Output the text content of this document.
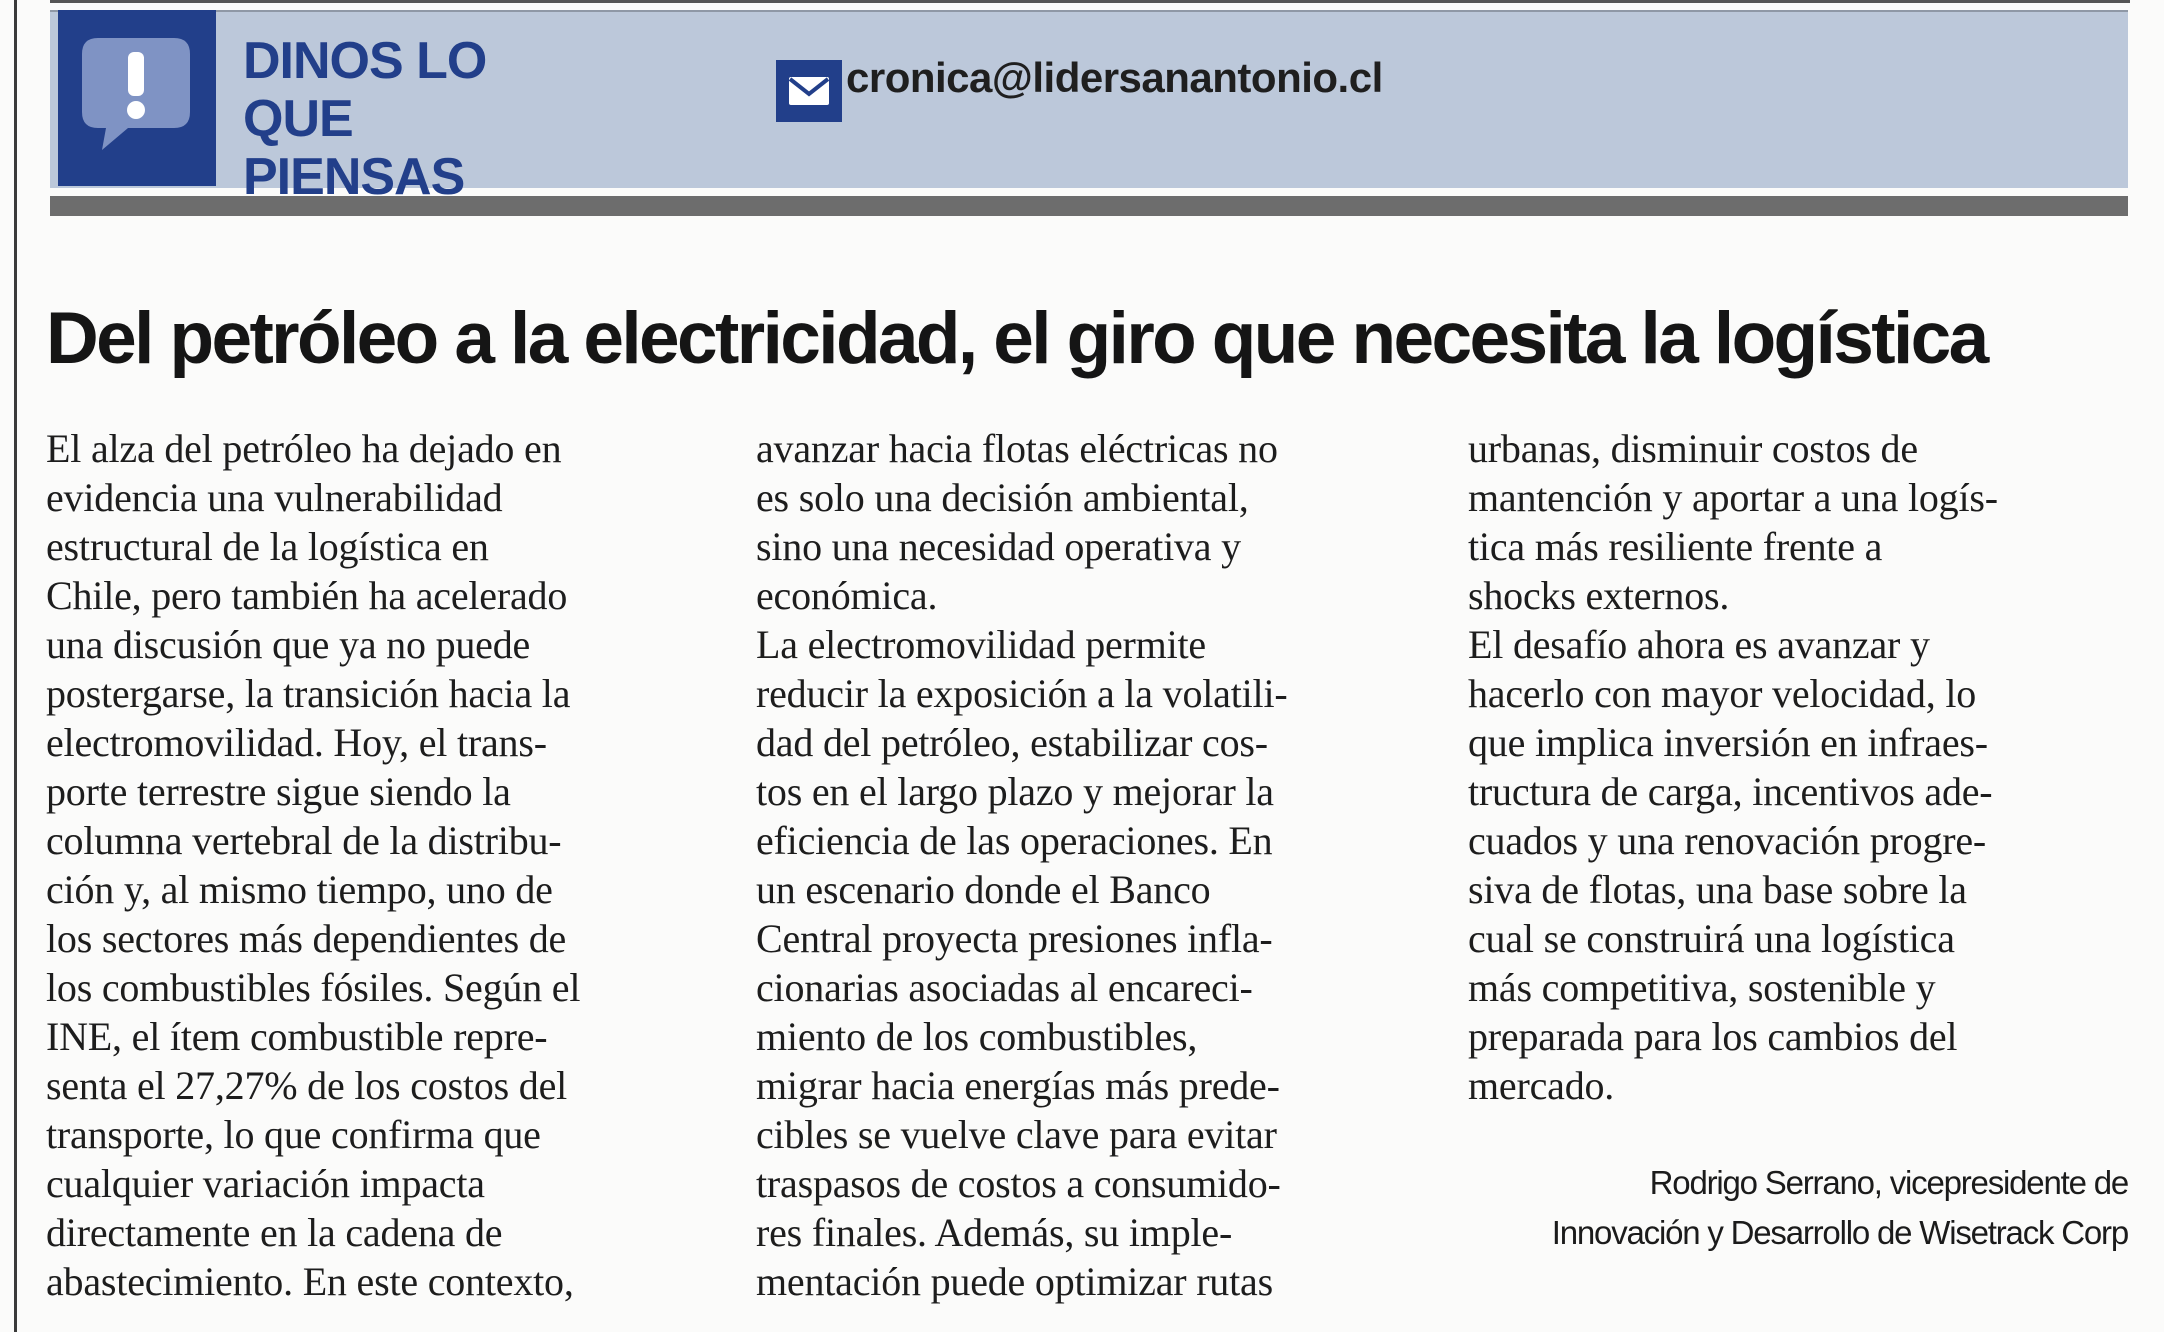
DINOS LO
QUE PIENSAS
cronica@lidersanantonio.cl
Del petróleo a la electricidad, el giro que necesita la logística
El alza del petróleo ha dejado en
evidencia una vulnerabilidad
estructural de la logística en
Chile, pero también ha acelerado
una discusión que ya no puede
postergarse, la transición hacia la
electromovilidad. Hoy, el trans-
porte terrestre sigue siendo la
columna vertebral de la distribu-
ción y, al mismo tiempo, uno de
los sectores más dependientes de
los combustibles fósiles. Según el
INE, el ítem combustible repre-
senta el 27,27% de los costos del
transporte, lo que confirma que
cualquier variación impacta
directamente en la cadena de
abastecimiento. En este contexto,
avanzar hacia flotas eléctricas no
es solo una decisión ambiental,
sino una necesidad operativa y
económica.
La electromovilidad permite
reducir la exposición a la volatili-
dad del petróleo, estabilizar cos-
tos en el largo plazo y mejorar la
eficiencia de las operaciones. En
un escenario donde el Banco
Central proyecta presiones infla-
cionarias asociadas al encareci-
miento de los combustibles,
migrar hacia energías más prede-
cibles se vuelve clave para evitar
traspasos de costos a consumido-
res finales. Además, su imple-
mentación puede optimizar rutas
urbanas, disminuir costos de
mantención y aportar a una logís-
tica más resiliente frente a
shocks externos.
El desafío ahora es avanzar y
hacerlo con mayor velocidad, lo
que implica inversión en infraes-
tructura de carga, incentivos ade-
cuados y una renovación progre-
siva de flotas, una base sobre la
cual se construirá una logística
más competitiva, sostenible y
preparada para los cambios del
mercado.
Rodrigo Serrano, vicepresidente de
Innovación y Desarrollo de Wisetrack Corp
